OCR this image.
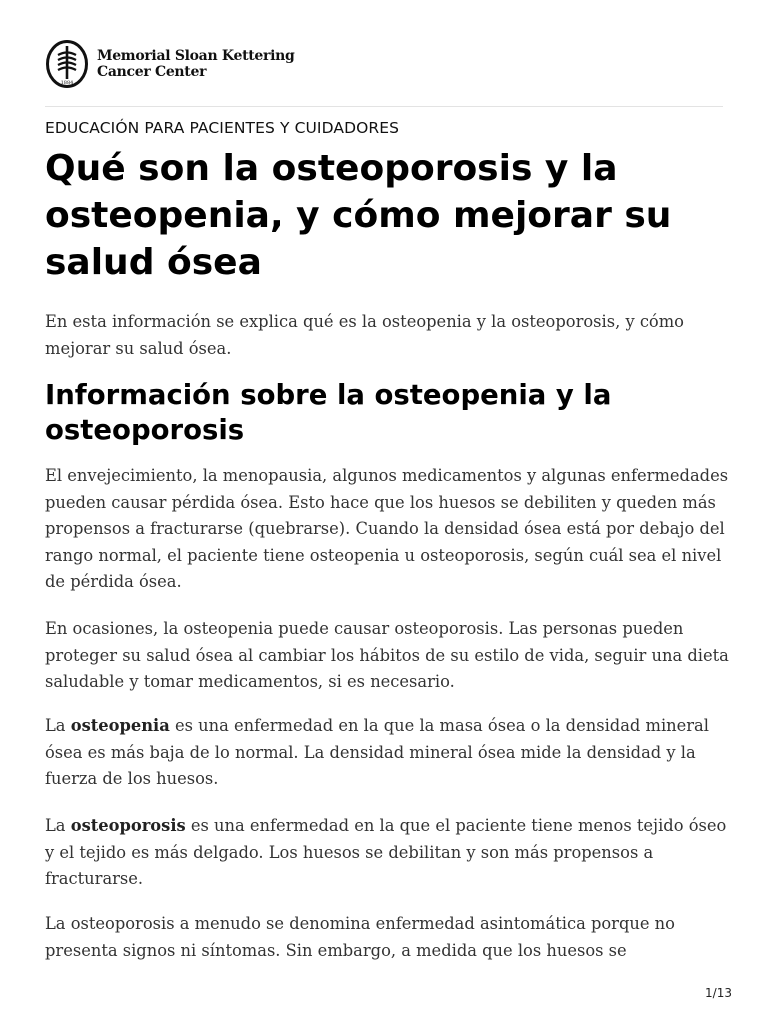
1884
Memorial Sloan Kettering
Cancer Center
EDUCACIÓN PARA PACIENTES Y CUIDADORES
Qué son la osteoporosis y la osteopenia, y cómo mejorar su salud ósea

En esta información se explica qué es la osteopenia y la osteoporosis, y cómo mejorar su salud ósea.

Información sobre la osteopenia y la osteoporosis

El envejecimiento, la menopausia, algunos medicamentos y algunas enfermedades pueden causar pérdida ósea. Esto hace que los huesos se debiliten y queden más propensos a fracturarse (quebrarse). Cuando la densidad ósea está por debajo del rango normal, el paciente tiene osteopenia u osteoporosis, según cuál sea el nivel de pérdida ósea.

En ocasiones, la osteopenia puede causar osteoporosis. Las personas pueden proteger su salud ósea al cambiar los hábitos de su estilo de vida, seguir una dieta saludable y tomar medicamentos, si es necesario.

La osteopenia es una enfermedad en la que la masa ósea o la densidad mineral ósea es más baja de lo normal. La densidad mineral ósea mide la densidad y la fuerza de los huesos.

La osteoporosis es una enfermedad en la que el paciente tiene menos tejido óseo y el tejido es más delgado. Los huesos se debilitan y son más propensos a fracturarse.

La osteoporosis a menudo se denomina enfermedad asintomática porque no presenta signos ni síntomas. Sin embargo, a medida que los huesos se

1/13
